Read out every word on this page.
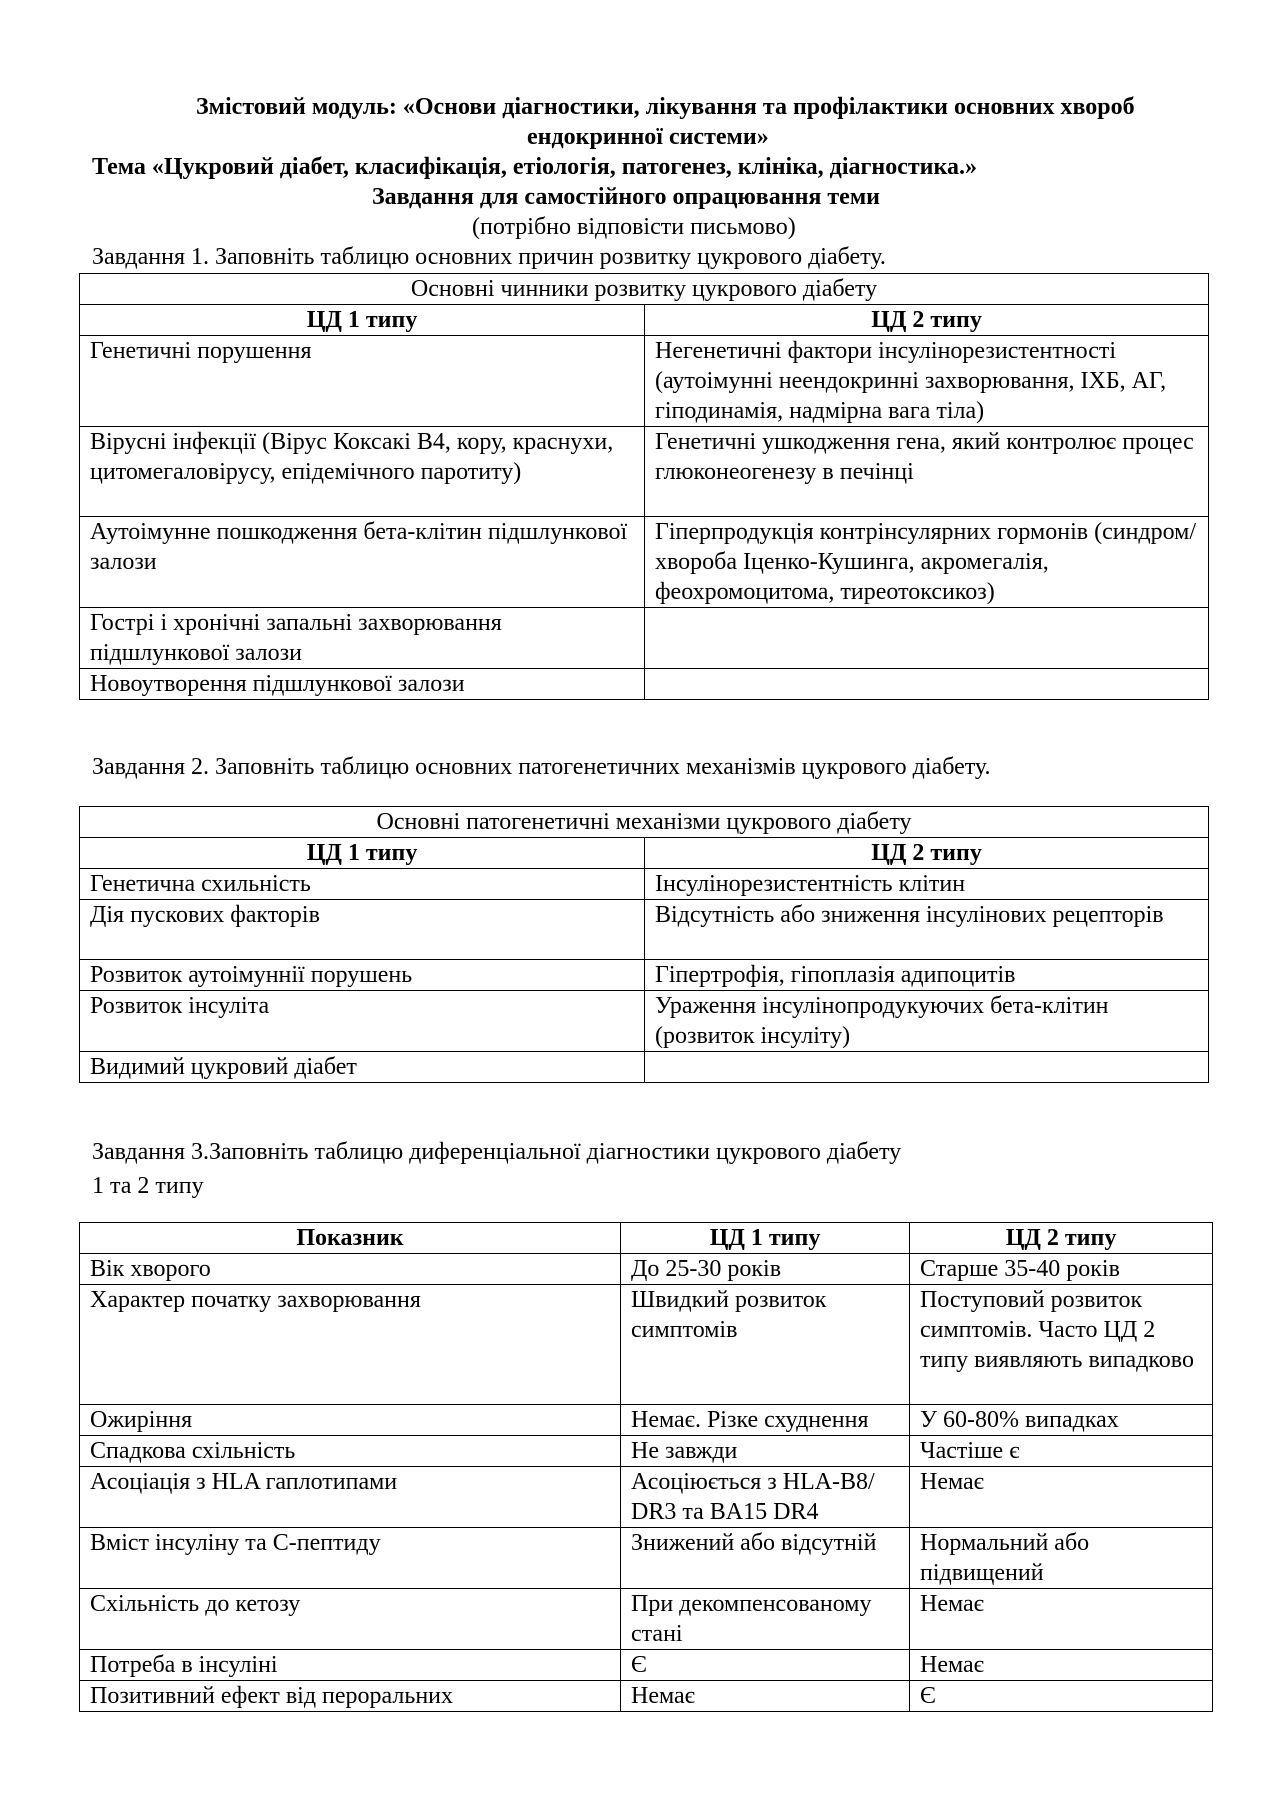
Змістовий модуль: «Основи діагностики, лікування та профілактики основних хвороб
ендокринної системи»
Тема «Цукровий діабет, класифікація, етіологія, патогенез, клініка, діагностика.»
Завдання для самостійного опрацювання теми
(потрібно відповісти письмово)
Завдання 1. Заповніть таблицю основних причин розвитку цукрового діабету.
Основні чинники розвитку цукрового діабету	
ЦД 1 типу	ЦД 2 типу
Генетичні порушення	Негенетичні фактори інсулінорезистентності (аутоімунні неендокринні захворювання, ІХБ, АГ, гіподинамія, надмірна вага тіла)
Вірусні інфекції (Вірус Коксакі В4, кору, краснухи, цитомегаловірусу, епідемічного паротиту)	Генетичні ушкодження гена, який контролює процес глюконеогенезу в печінці
Аутоімунне пошкодження бета-клітин підшлункової залози	Гіперпродукція контрінсулярних гормонів (синдром/хвороба Іценко-Кушинга, акромегалія, феохромоцитома, тиреотоксикоз)
Гострі і хронічні запальні захворювання підшлункової залози	
Новоутворення підшлункової залози	
Завдання 2. Заповніть таблицю основних патогенетичних механізмів цукрового діабету.
Основні патогенетичні механізми цукрового діабету	
ЦД 1 типу	ЦД 2 типу
Генетична схильність	Інсулінорезистентність клітин
Дія пускових факторів	Відсутність або зниження інсулінових рецепторів
Розвиток аутоімуннії порушень	Гіпертрофія, гіпоплазія адипоцитів
Розвиток інсуліта	Ураження інсулінопродукуючих бета-клітин (розвиток інсуліту)
Видимий цукровий діабет	
Завдання 3.Заповніть таблицю диференціальної діагностики цукрового діабету
1 та 2 типу
Показник	ЦД 1 типу	ЦД 2 типу
Вік хворого	До 25-30 років	Старше 35-40 років
Характер початку захворювання	Швидкий розвиток симптомів	Поступовий розвиток симптомів. Часто ЦД 2 типу виявляють випадково
Ожиріння	Немає. Різке схуднення	У 60-80% випадках
Спадкова схільність	Не завжди	Частіше є
Асоціація з HLA гаплотипами	Асоціюється з HLA-B8/ DR3 та BA15 DR4	Немає
Вміст інсуліну та С-пептиду	Знижений або відсутній	Нормальний або підвищений
Схільність до кетозу	При декомпенсованому стані	Немає
Потреба в інсуліні	Є	Немає
Позитивний ефект від пероральних	Немає	Є
